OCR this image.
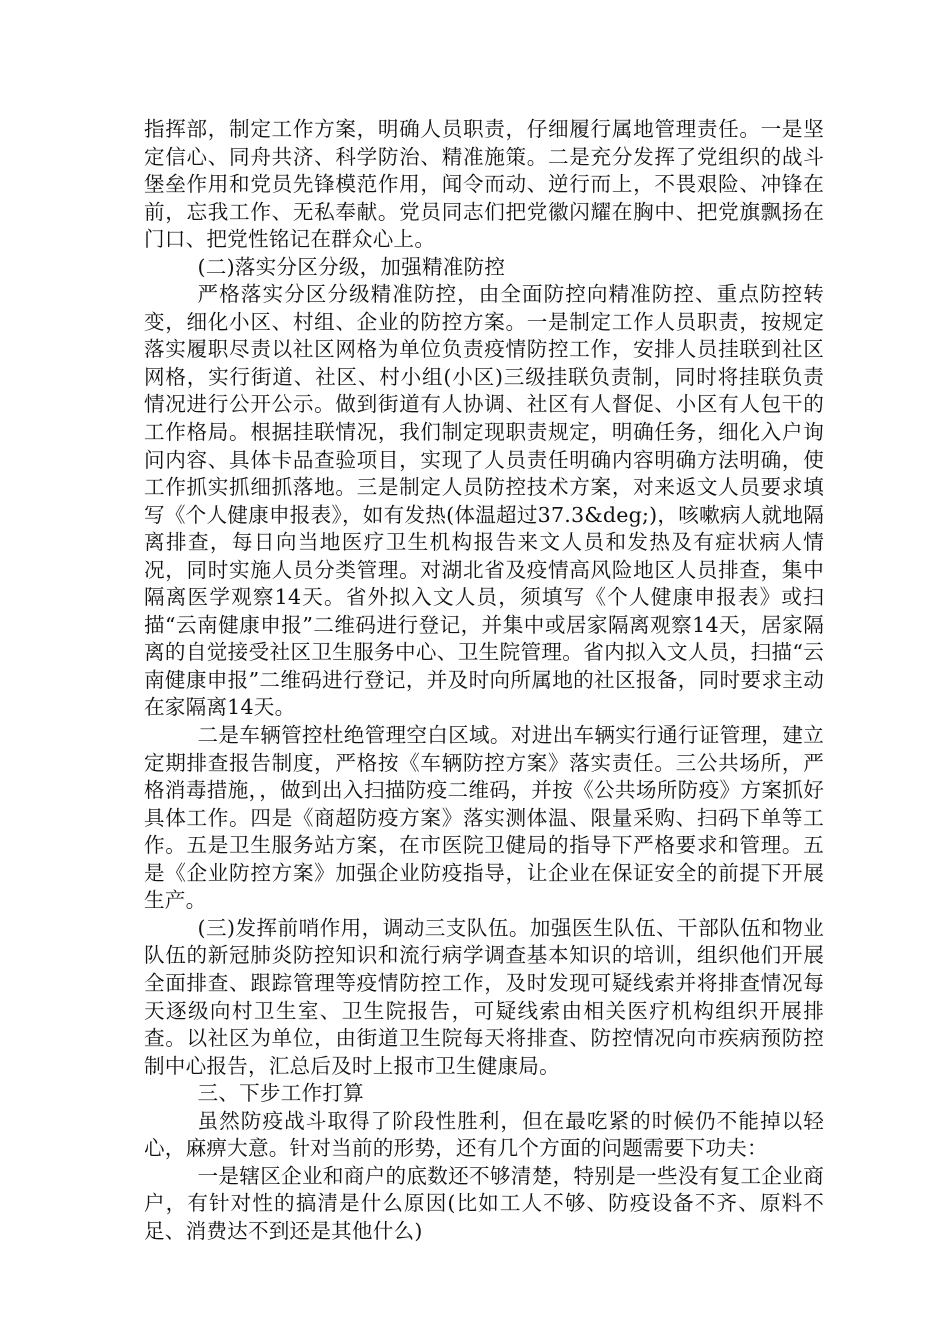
指挥部，制定工作方案，明确人员职责，仔细履行属地管理责任。一是坚定信心、同舟共济、科学防治、精准施策。二是充分发挥了党组织的战斗堡垒作用和党员先锋模范作用，闻令而动、逆行而上，不畏艰险、冲锋在前，忘我工作、无私奉献。党员同志们把党徽闪耀在胸中、把党旗飘扬在门口、把党性铭记在群众心上。

(二)落实分区分级，加强精准防控

严格落实分区分级精准防控，由全面防控向精准防控、重点防控转变，细化小区、村组、企业的防控方案。一是制定工作人员职责，按规定落实履职尽责以社区网格为单位负责疫情防控工作，安排人员挂联到社区网格，实行街道、社区、村小组(小区)三级挂联负责制，同时将挂联负责情况进行公开公示。做到街道有人协调、社区有人督促、小区有人包干的工作格局。根据挂联情况，我们制定现职责规定，明确任务，细化入户询问内容、具体卡品查验项目，实现了人员责任明确内容明确方法明确，使工作抓实抓细抓落地。三是制定人员防控技术方案，对来返文人员要求填写《个人健康申报表》，如有发热(体温超过37.3&deg;)，咳嗽病人就地隔离排查，每日向当地医疗卫生机构报告来文人员和发热及有症状病人情况，同时实施人员分类管理。对湖北省及疫情高风险地区人员排查，集中隔离医学观察14天。省外拟入文人员，须填写《个人健康申报表》或扫描“云南健康申报”二维码进行登记，并集中或居家隔离观察14天，居家隔离的自觉接受社区卫生服务中心、卫生院管理。省内拟入文人员，扫描“云南健康申报”二维码进行登记，并及时向所属地的社区报备，同时要求主动在家隔离14天。

二是车辆管控杜绝管理空白区域。对进出车辆实行通行证管理，建立定期排查报告制度，严格按《车辆防控方案》落实责任。三公共场所，严格消毒措施，，做到出入扫描防疫二维码，并按《公共场所防疫》方案抓好具体工作。四是《商超防疫方案》落实测体温、限量采购、扫码下单等工作。五是卫生服务站方案，在市医院卫健局的指导下严格要求和管理。五是《企业防控方案》加强企业防疫指导，让企业在保证安全的前提下开展生产。

(三)发挥前哨作用，调动三支队伍。加强医生队伍、干部队伍和物业队伍的新冠肺炎防控知识和流行病学调查基本知识的培训，组织他们开展全面排查、跟踪管理等疫情防控工作，及时发现可疑线索并将排查情况每天逐级向村卫生室、卫生院报告，可疑线索由相关医疗机构组织开展排查。以社区为单位，由街道卫生院每天将排查、防控情况向市疾病预防控制中心报告，汇总后及时上报市卫生健康局。

三、下步工作打算

虽然防疫战斗取得了阶段性胜利，但在最吃紧的时候仍不能掉以轻心，麻痹大意。针对当前的形势，还有几个方面的问题需要下功夫：

一是辖区企业和商户的底数还不够清楚，特别是一些没有复工企业商户，有针对性的搞清是什么原因(比如工人不够、防疫设备不齐、原料不足、消费达不到还是其他什么)
